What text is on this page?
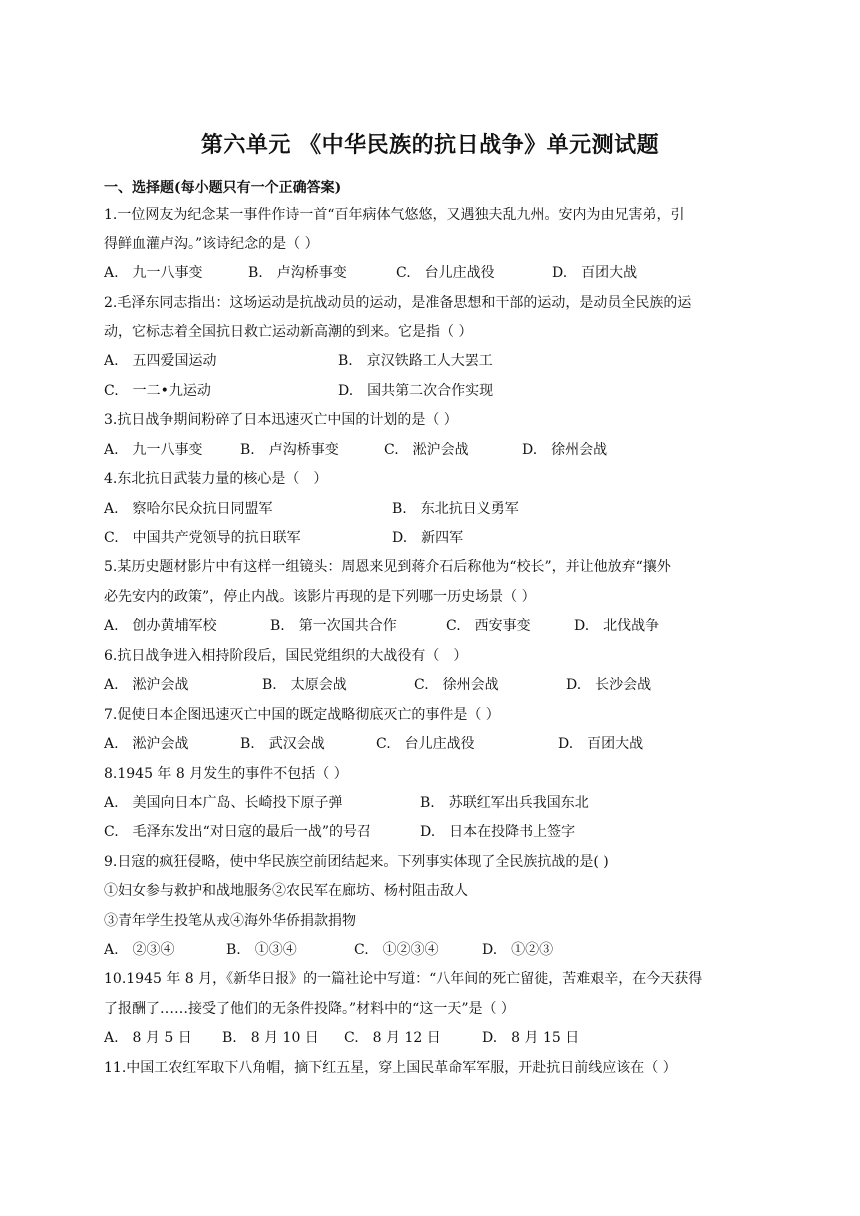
第六单元 《中华民族的抗日战争》单元测试题
一、选择题(每小题只有一个正确答案)
1.一位网友为纪念某一事件作诗一首“百年病体气悠悠，又遇独夫乱九州。安内为由兄害弟，引
得鲜血灌卢沟。”该诗纪念的是（ ）
A.　九一八事变	B.　卢沟桥事变	C.　台儿庄战役	D.　百团大战
2.毛泽东同志指出：这场运动是抗战动员的运动，是准备思想和干部的运动，是动员全民族的运
动，它标志着全国抗日救亡运动新高潮的到来。它是指（ ）
A.　五四爱国运动	B.　京汉铁路工人大罢工
C.　一二•九运动	D.　国共第二次合作实现
3.抗日战争期间粉碎了日本迅速灭亡中国的计划的是（ ）
A.　九一八事变	B.　卢沟桥事变	C.　淞沪会战	D.　徐州会战
4.东北抗日武装力量的核心是（　）
A.　察哈尔民众抗日同盟军	B.　东北抗日义勇军
C.　中国共产党领导的抗日联军	D.　新四军
5.某历史题材影片中有这样一组镜头：周恩来见到蒋介石后称他为“校长”，并让他放弃“攘外
必先安内的政策”，停止内战。该影片再现的是下列哪一历史场景（ ）
A.　创办黄埔军校	B.　第一次国共合作	C.　西安事变	D.　北伐战争
6.抗日战争进入相持阶段后，国民党组织的大战役有（　）
A.　淞沪会战	B.　太原会战	C.　徐州会战	D.　长沙会战
7.促使日本企图迅速灭亡中国的既定战略彻底灭亡的事件是（ ）
A.　淞沪会战	B.　武汉会战	C.　台儿庄战役	D.　百团大战
8.1945 年 8 月发生的事件不包括（ ）
A.　美国向日本广岛、长崎投下原子弹	B.　苏联红军出兵我国东北
C.　毛泽东发出“对日寇的最后一战”的号召	D.　日本在投降书上签字
9.日寇的疯狂侵略，使中华民族空前团结起来。下列事实体现了全民族抗战的是( )
①妇女参与救护和战地服务②农民军在廊坊、杨村阻击敌人
③青年学生投笔从戎④海外华侨捐款捐物
A.　②③④	B.　①③④	C.　①②③④	D.　①②③
10.1945 年 8 月，《新华日报》的一篇社论中写道：“八年间的死亡留徙，苦难艰辛，在今天获得
了报酬了……接受了他们的无条件投降。”材料中的“这一天”是（ ）
A.　8 月 5 日 B.　8 月 10 日 C.　8 月 12 日	D.　8 月 15 日
11.中国工农红军取下八角帽，摘下红五星，穿上国民革命军军服，开赴抗日前线应该在（ ）
